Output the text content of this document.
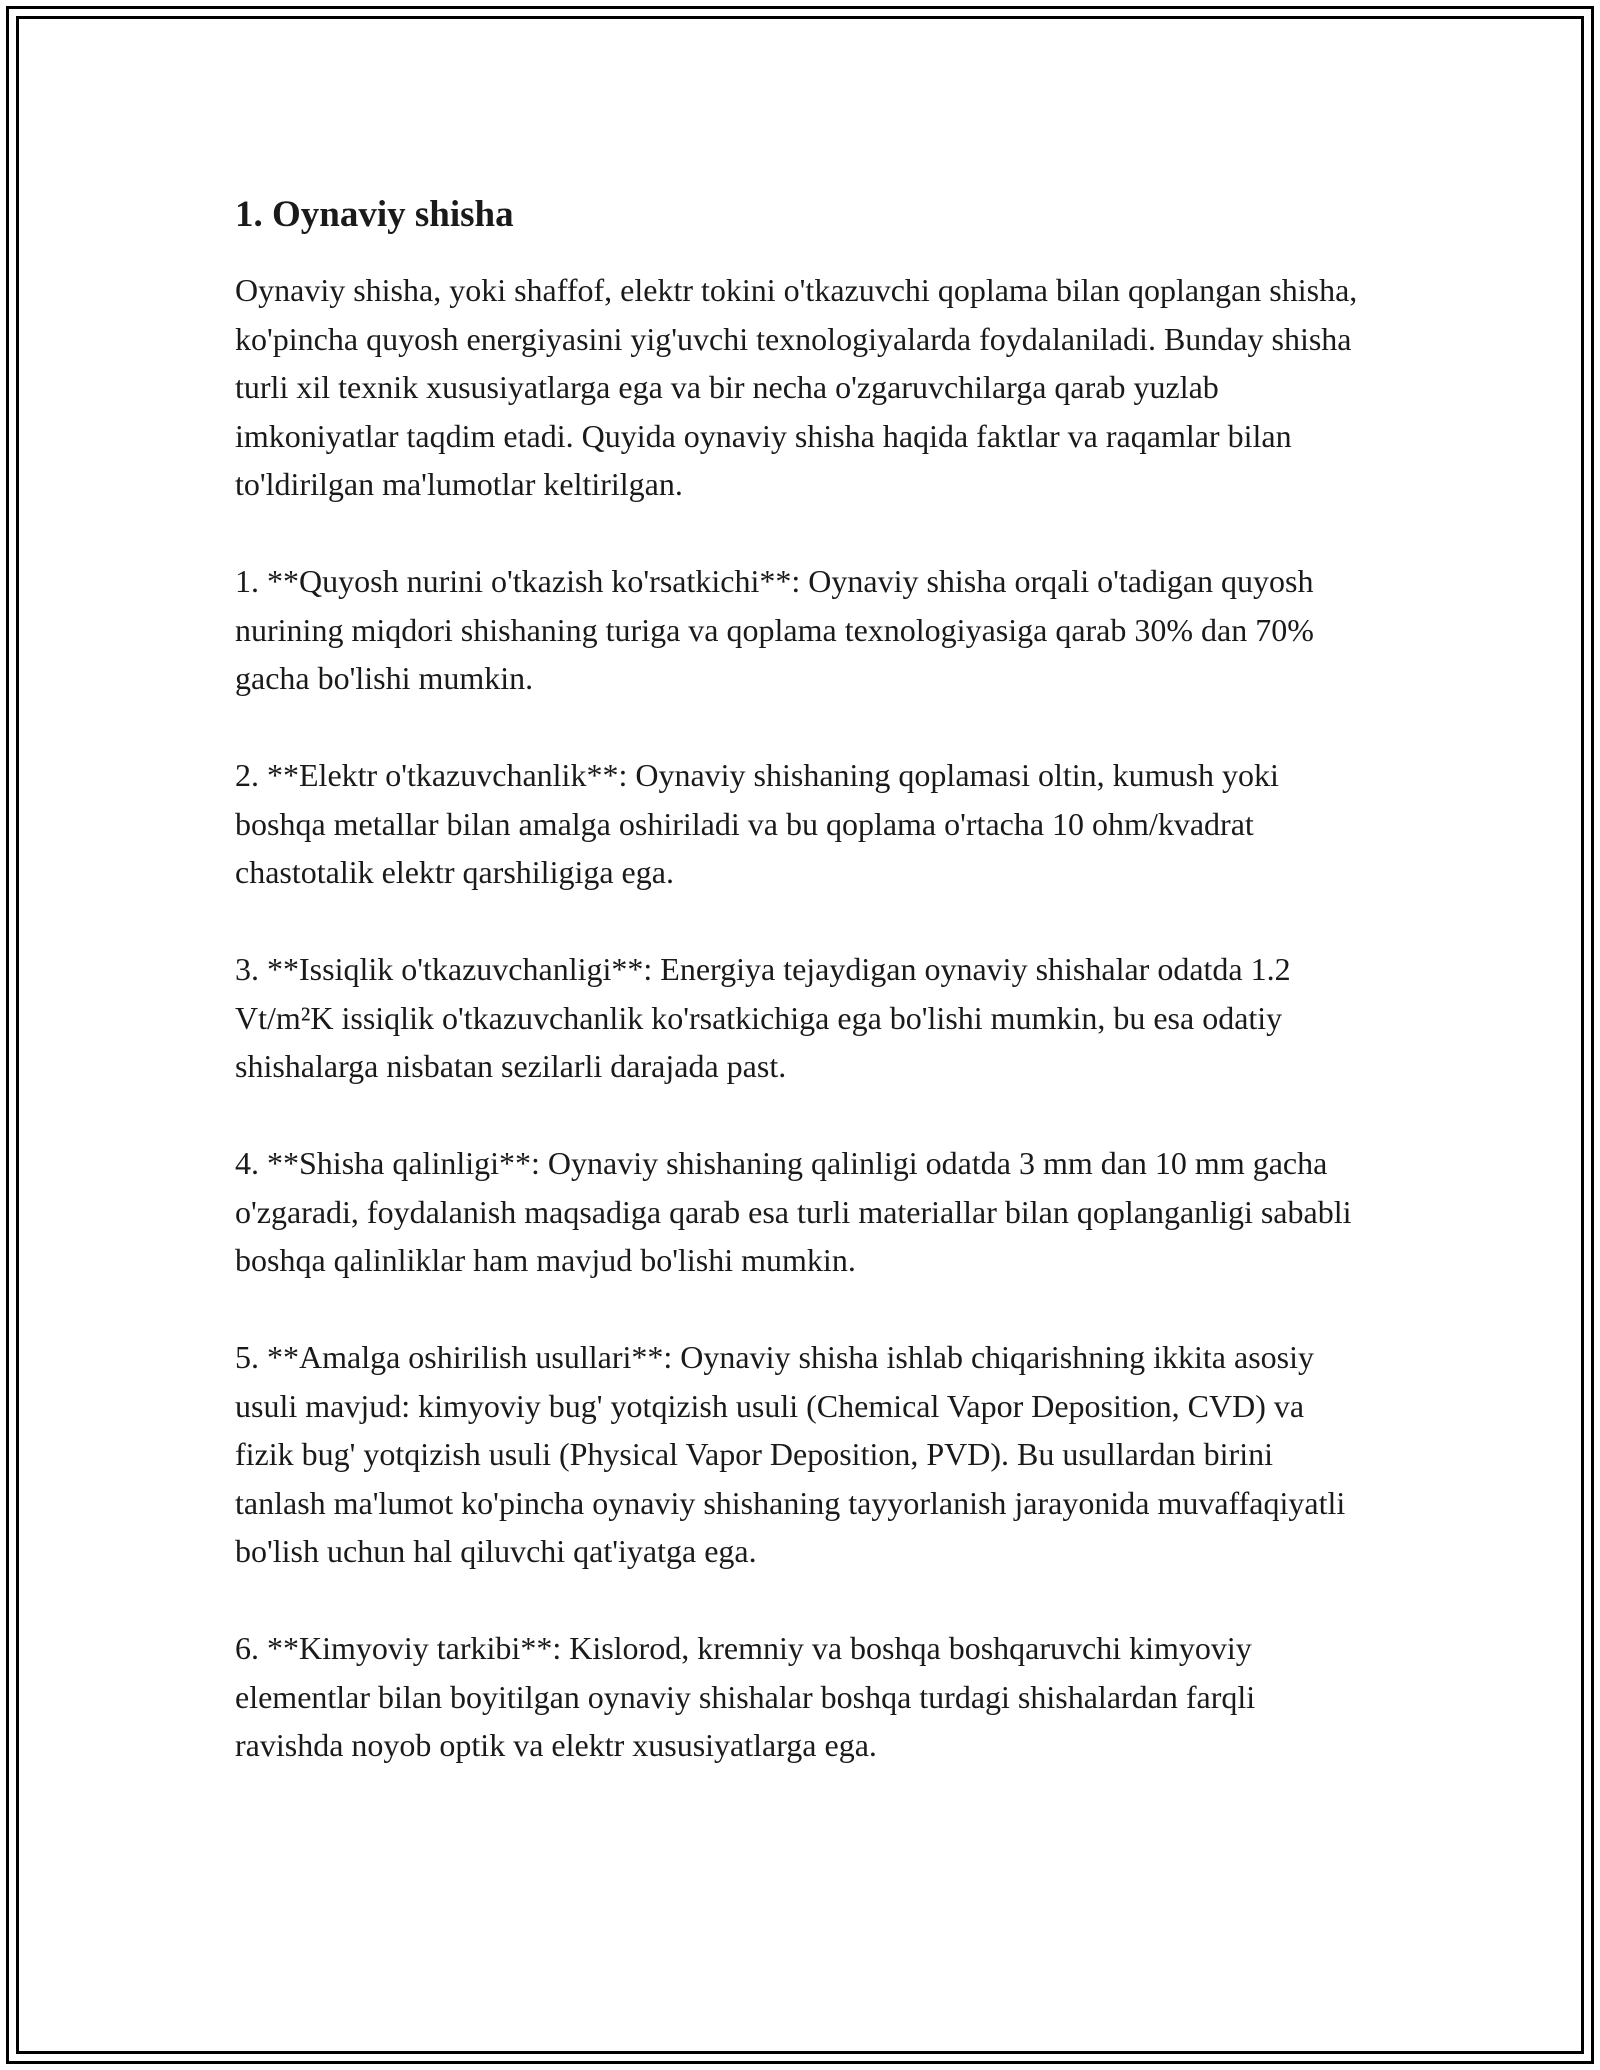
1. Oynaviy shisha

Oynaviy shisha, yoki shaffof, elektr tokini o'tkazuvchi qoplama bilan qoplangan shisha, ko'pincha quyosh energiyasini yig'uvchi texnologiyalarda foydalaniladi. Bunday shisha turli xil texnik xususiyatlarga ega va bir necha o'zgaruvchilarga qarab yuzlab imkoniyatlar taqdim etadi. Quyida oynaviy shisha haqida faktlar va raqamlar bilan to'ldirilgan ma'lumotlar keltirilgan.

1. **Quyosh nurini o'tkazish ko'rsatkichi**: Oynaviy shisha orqali o'tadigan quyosh nurining miqdori shishaning turiga va qoplama texnologiyasiga qarab 30% dan 70% gacha bo'lishi mumkin.

2. **Elektr o'tkazuvchanlik**: Oynaviy shishaning qoplamasi oltin, kumush yoki boshqa metallar bilan amalga oshiriladi va bu qoplama o'rtacha 10 ohm/kvadrat chastotalik elektr qarshiligiga ega.

3. **Issiqlik o'tkazuvchanligi**: Energiya tejaydigan oynaviy shishalar odatda 1.2 Vt/m²K issiqlik o'tkazuvchanlik ko'rsatkichiga ega bo'lishi mumkin, bu esa odatiy shishalarga nisbatan sezilarli darajada past.

4. **Shisha qalinligi**: Oynaviy shishaning qalinligi odatda 3 mm dan 10 mm gacha o'zgaradi, foydalanish maqsadiga qarab esa turli materiallar bilan qoplanganligi sababli boshqa qalinliklar ham mavjud bo'lishi mumkin.

5. **Amalga oshirilish usullari**: Oynaviy shisha ishlab chiqarishning ikkita asosiy usuli mavjud: kimyoviy bug' yotqizish usuli (Chemical Vapor Deposition, CVD) va fizik bug' yotqizish usuli (Physical Vapor Deposition, PVD). Bu usullardan birini tanlash ma'lumot ko'pincha oynaviy shishaning tayyorlanish jarayonida muvaffaqiyatli bo'lish uchun hal qiluvchi qat'iyatga ega.

6. **Kimyoviy tarkibi**: Kislorod, kremniy va boshqa boshqaruvchi kimyoviy elementlar bilan boyitilgan oynaviy shishalar boshqa turdagi shishalardan farqli ravishda noyob optik va elektr xususiyatlarga ega.
